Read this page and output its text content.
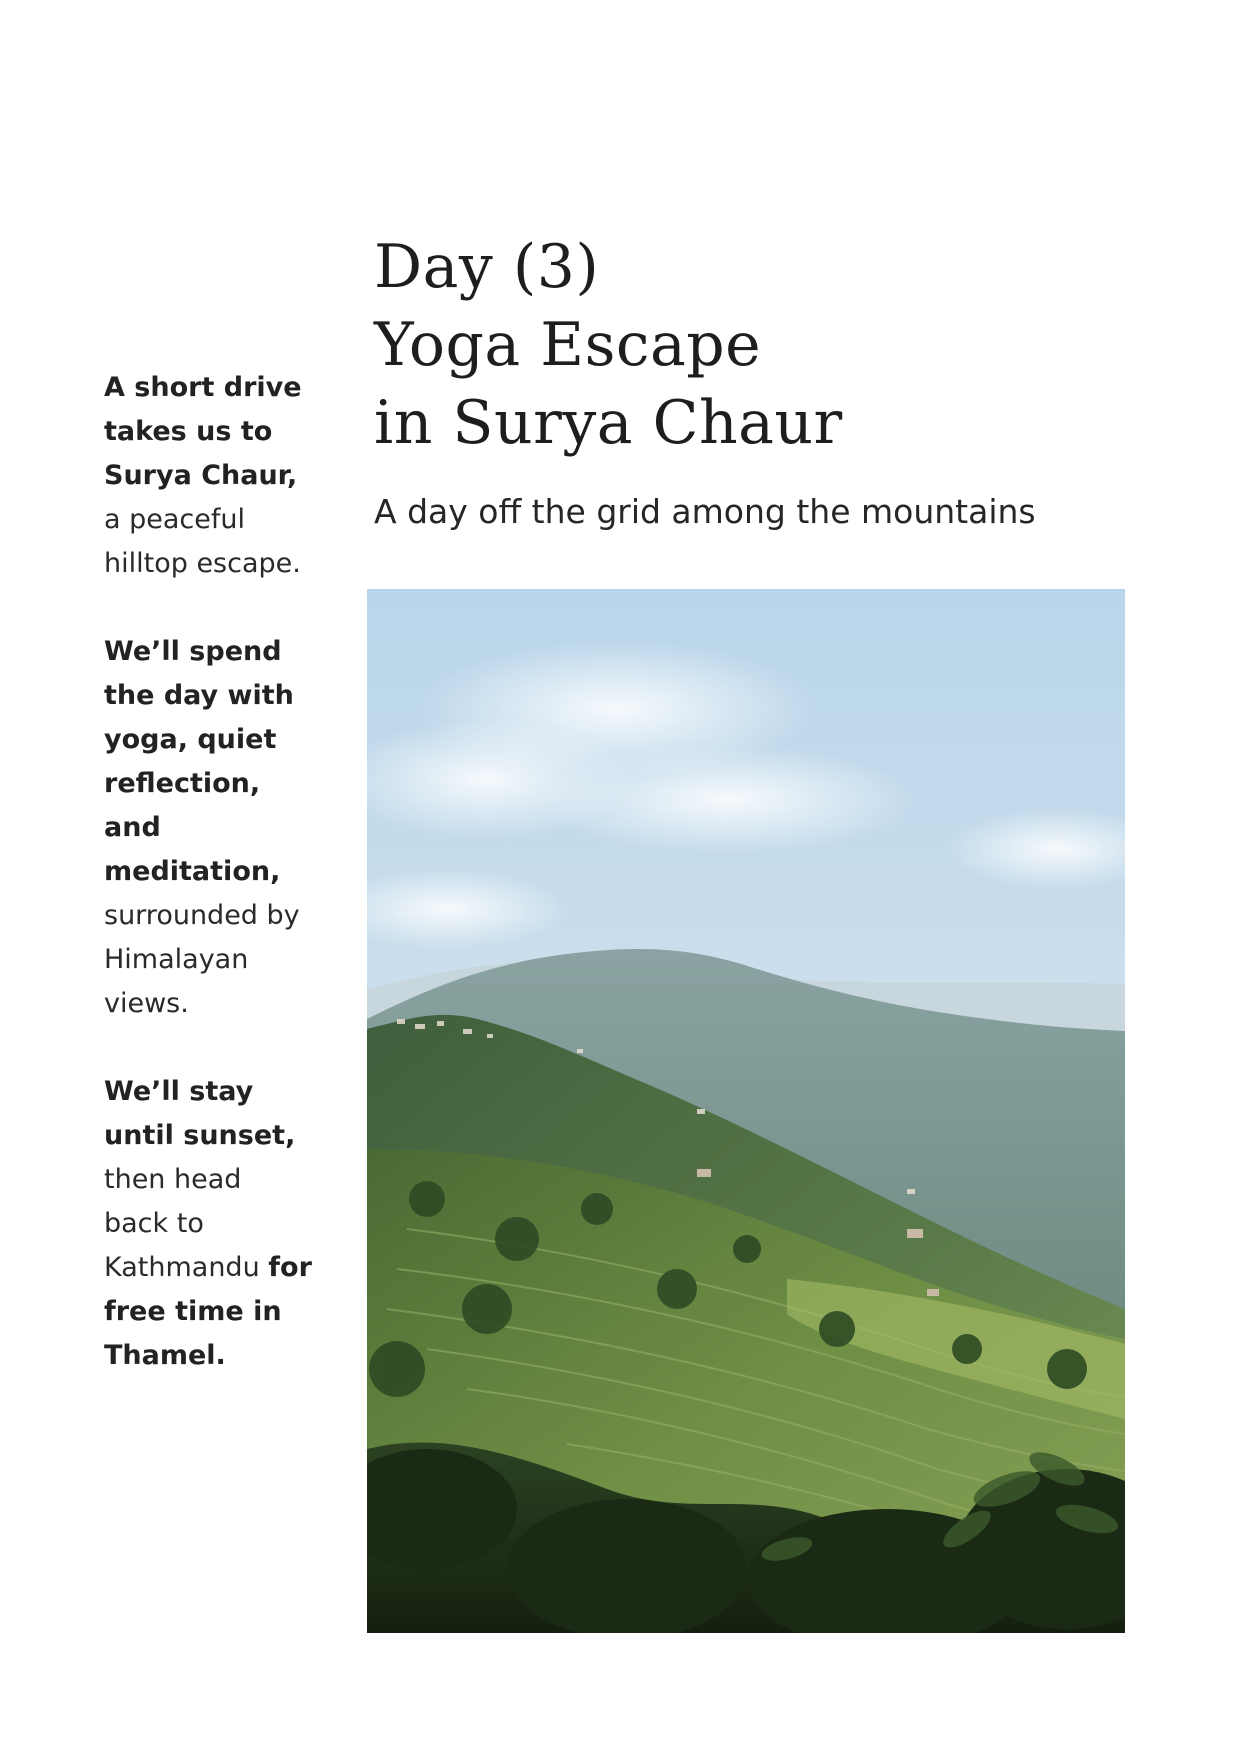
A short drive takes us to Surya Chaur, a peaceful hilltop escape.

We’ll spend the day with yoga, quiet reflection, and meditation, surrounded by Himalayan views.

We’ll stay until sunset, then head back to Kathmandu for free time in Thamel.

Day (3)
Yoga Escape
in Surya Chaur

A day off the grid among the mountains
